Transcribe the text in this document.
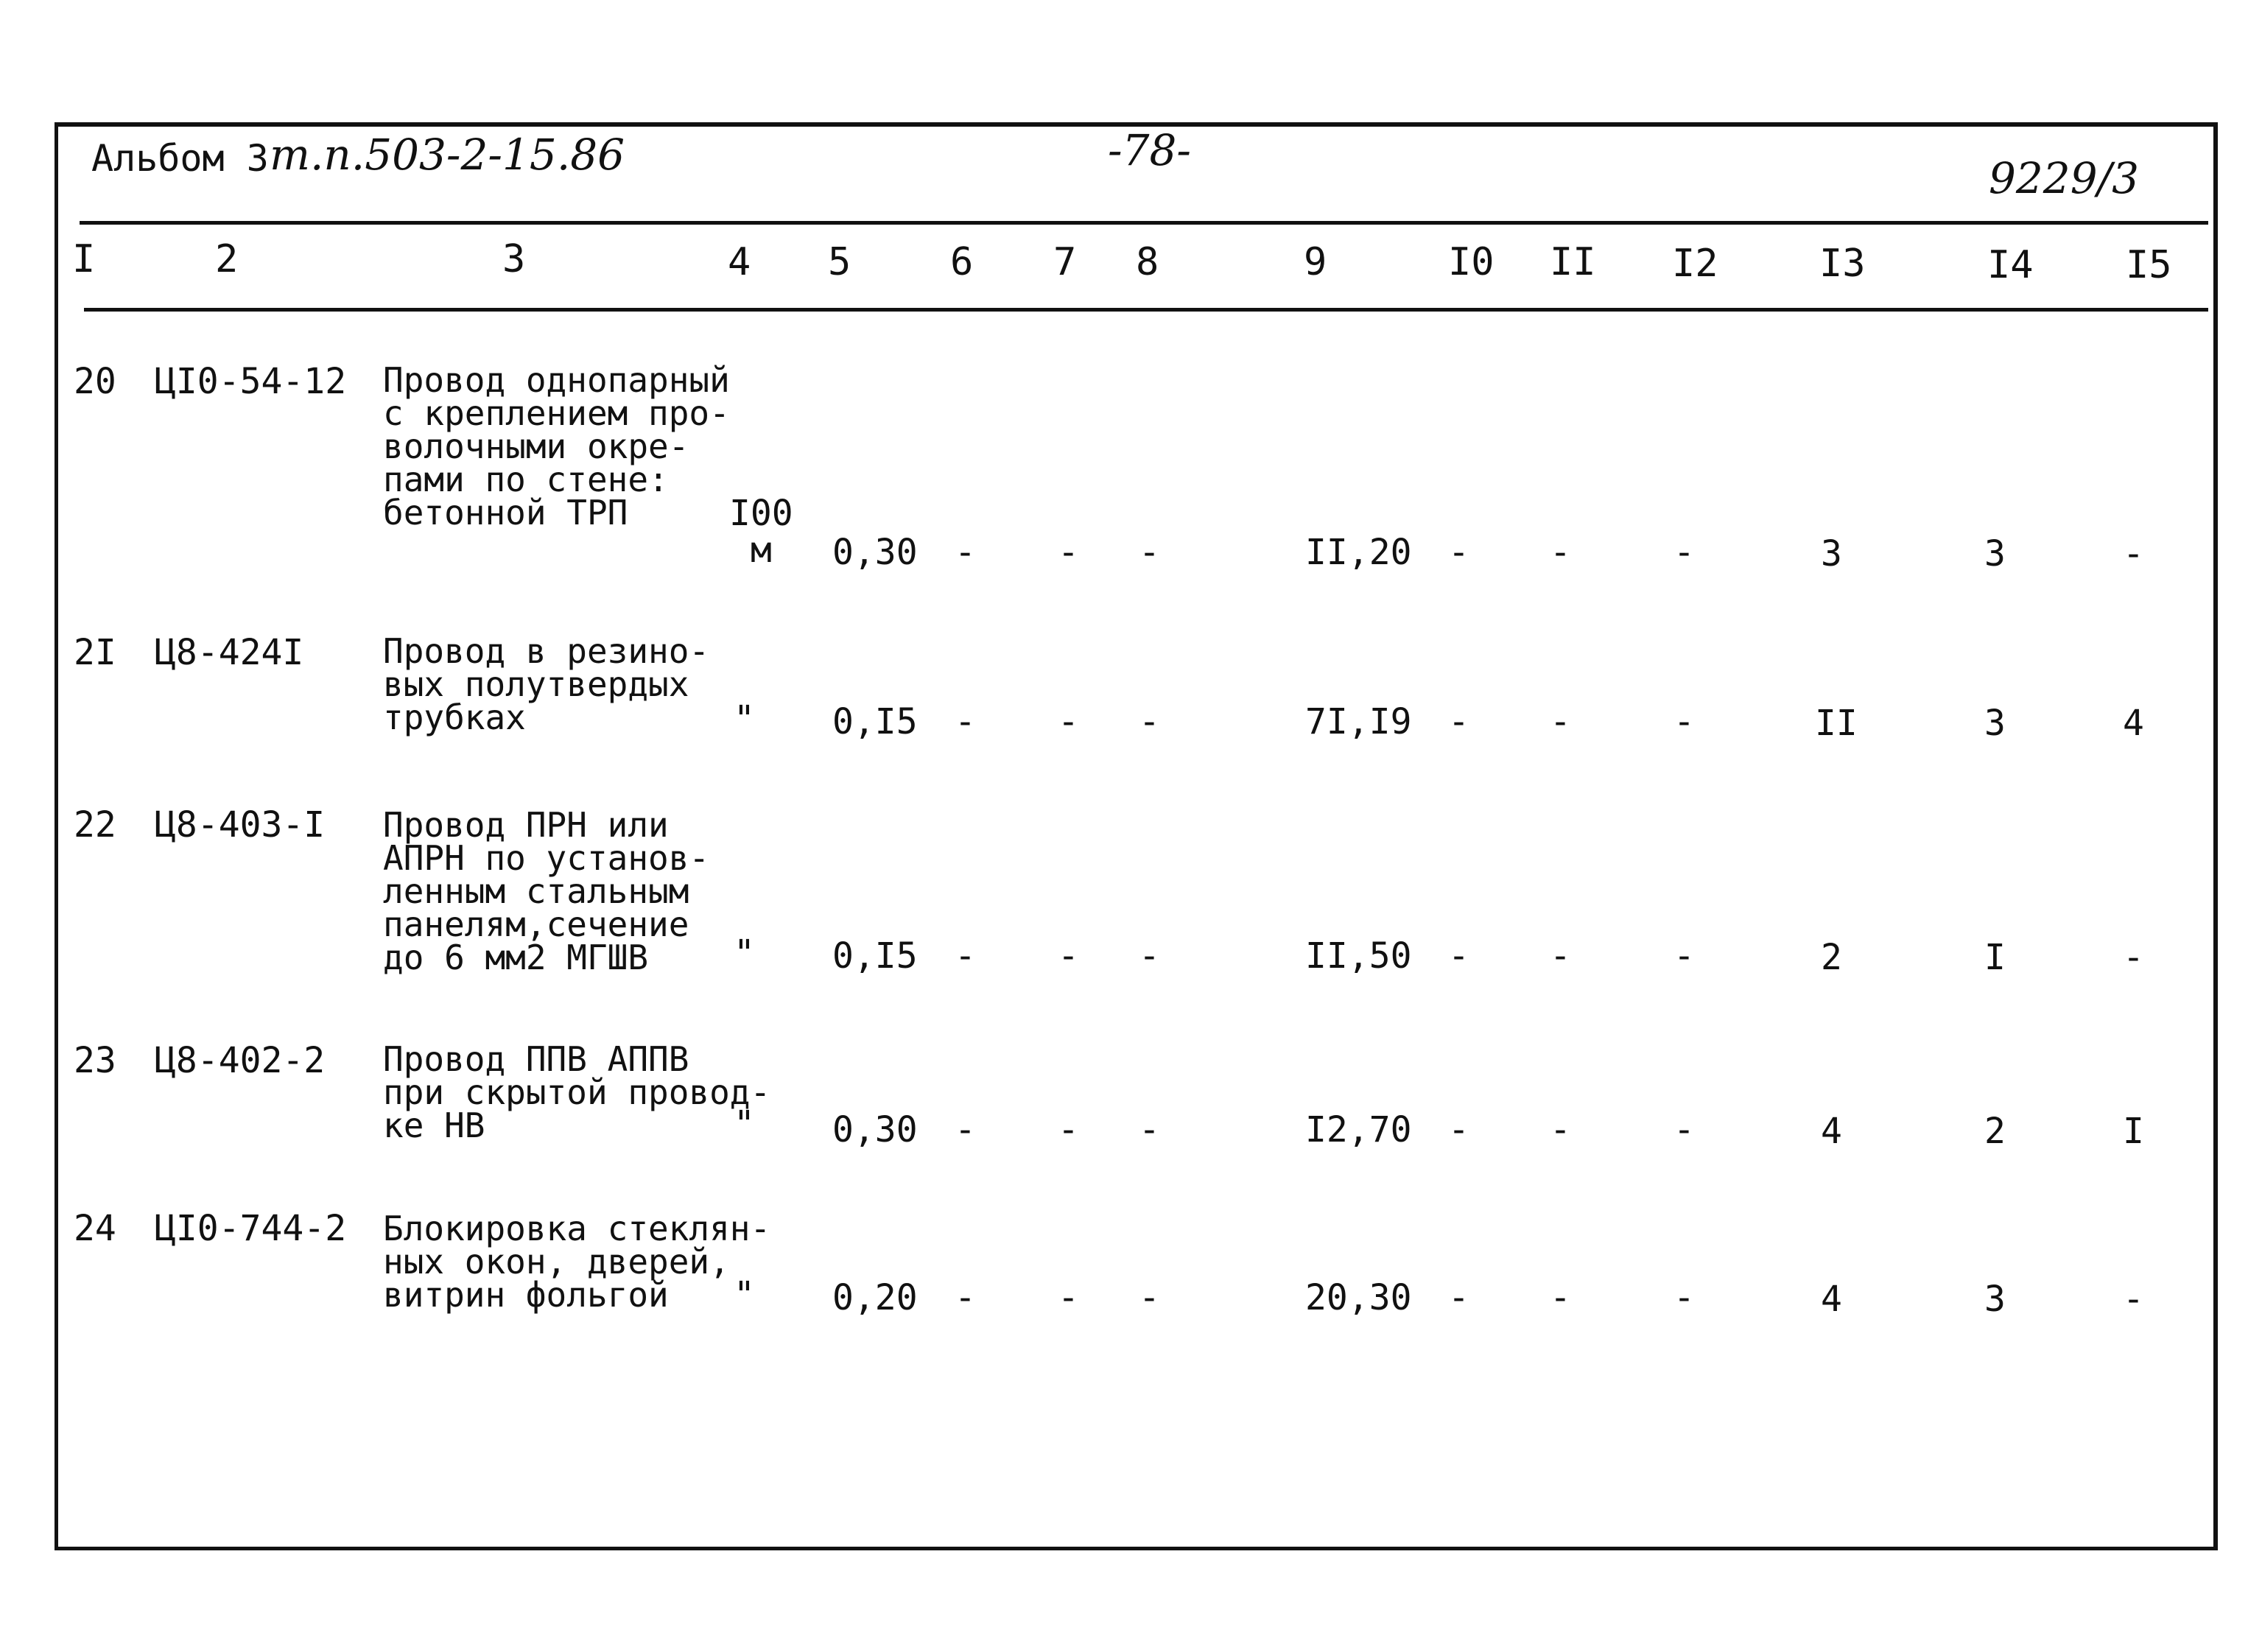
Альбом 3 т.п.503-2-15.86	-78-
9229/3
I	2	3	4 5	6 7 8	9	I0 II I2	I3	I4 I5
20 ЦI0-54-12 Провод однопарный
с креплением про-
волочными окре-
пами по стене:
бетонной ТРП	I00
м	0,30 - - -	II,20 - -	-	3	3	-
2I Ц8-424I Провод в резино-
вых полутвердых
трубках	" 0,I5 - - -	7I,I9 - -	-	II	3	4
22 Ц8-403-I Провод ПРН или
АПРН по установ-
ленным стальным
панелям,сечение
до 6 мм2 МГШВ	" 0,I5 - - -	II,50 - -	-	2	I	-
23 Ц8-402-2 Провод ППВ АППВ
при скрытой провод-
ке НВ	" 0,30 - - -	I2,70 - -	-	4	2	I
24 ЦI0-744-2 Блокировка стеклян-
ных окон, дверей,
витрин фольгой	" 0,20 - - -	20,30 - -	-	4	3	-
